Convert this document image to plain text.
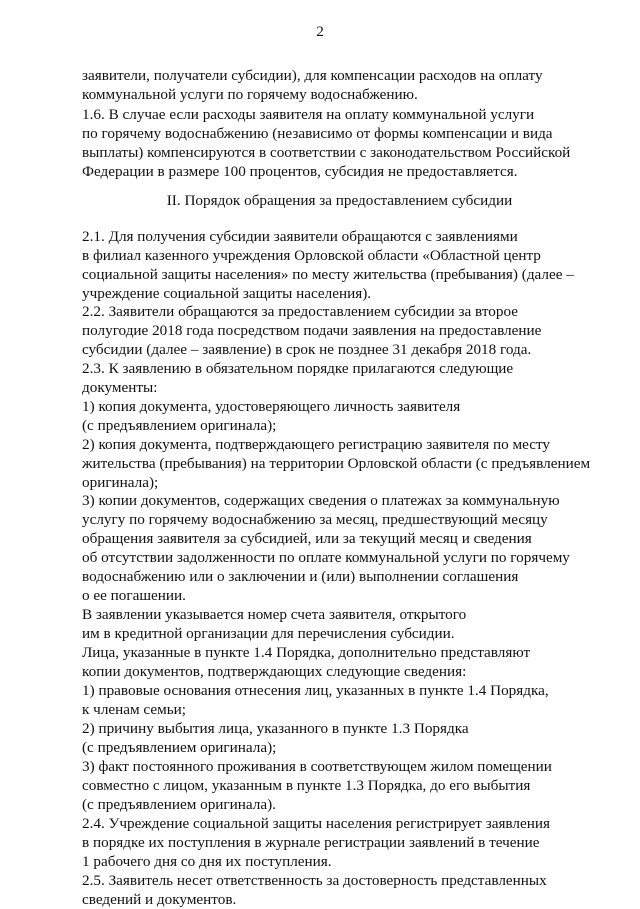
2

заявители, получатели субсидии), для компенсации расходов на оплату
коммунальной услуги по горячему водоснабжению.

1.6. В случае если расходы заявителя на оплату коммунальной услуги
по горячему водоснабжению (независимо от формы компенсации и вида
выплаты) компенсируются в соответствии с законодательством Российской
Федерации в размере 100 процентов, субсидия не предоставляется.

II. Порядок обращения за предоставлением субсидии

2.1. Для получения субсидии заявители обращаются с заявлениями
в филиал казенного учреждения Орловской области «Областной центр
социальной защиты населения» по месту жительства (пребывания) (далее –
учреждение социальной защиты населения).

2.2. Заявители обращаются за предоставлением субсидии за второе
полугодие 2018 года посредством подачи заявления на предоставление
субсидии (далее – заявление) в срок не позднее 31 декабря 2018 года.

2.3. К заявлению в обязательном порядке прилагаются следующие
документы:

1) копия документа, удостоверяющего личность заявителя
(с предъявлением оригинала);

2) копия документа, подтверждающего регистрацию заявителя по месту
жительства (пребывания) на территории Орловской области (с предъявлением
оригинала);

3) копии документов, содержащих сведения о платежах за коммунальную
услугу по горячему водоснабжению за месяц, предшествующий месяцу
обращения заявителя за субсидией, или за текущий месяц и сведения
об отсутствии задолженности по оплате коммунальной услуги по горячему
водоснабжению или о заключении и (или) выполнении соглашения
о ее погашении.

В заявлении указывается номер счета заявителя, открытого
им в кредитной организации для перечисления субсидии.

Лица, указанные в пункте 1.4 Порядка, дополнительно представляют
копии документов, подтверждающих следующие сведения:

1) правовые основания отнесения лиц, указанных в пункте 1.4 Порядка,
к членам семьи;

2) причину выбытия лица, указанного в пункте 1.3 Порядка
(с предъявлением оригинала);

3) факт постоянного проживания в соответствующем жилом помещении
совместно с лицом, указанным в пункте 1.3 Порядка, до его выбытия
(с предъявлением оригинала).

2.4. Учреждение социальной защиты населения регистрирует заявления
в порядке их поступления в журнале регистрации заявлений в течение
1 рабочего дня со дня их поступления.

2.5. Заявитель несет ответственность за достоверность представленных
сведений и документов.
